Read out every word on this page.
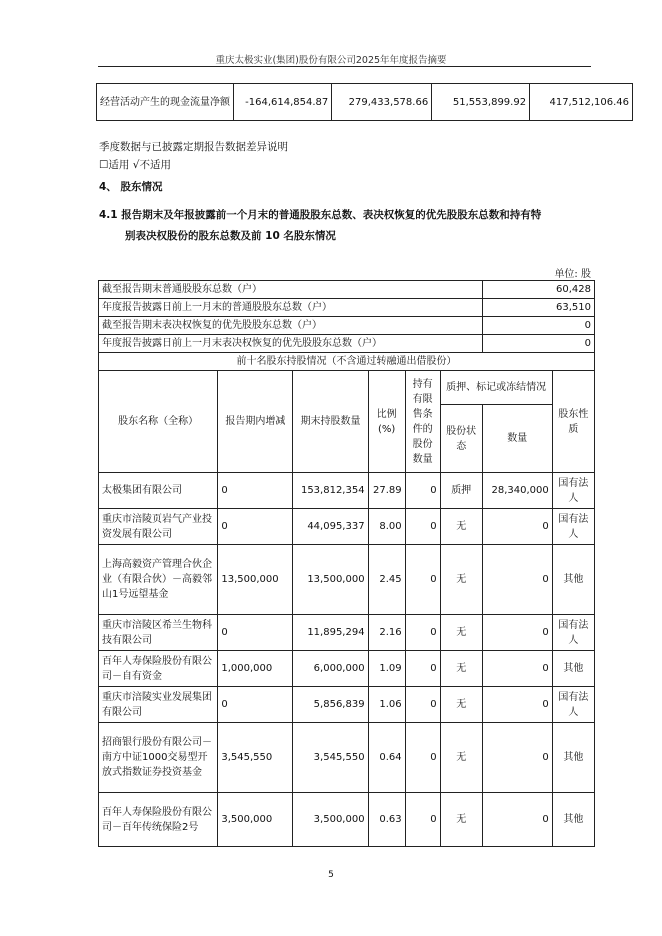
重庆太极实业(集团)股份有限公司2025年年度报告摘要
经营活动产生的现金流量净额	-164,614,854.87	279,433,578.66	51,553,899.92	417,512,106.46
季度数据与已披露定期报告数据差异说明
☐适用 √不适用
4、 股东情况
4.1 报告期末及年报披露前一个月末的普通股股东总数、表决权恢复的优先股股东总数和持有特
别表决权股份的股东总数及前 10 名股东情况
单位: 股
截至报告期末普通股股东总数（户）						60,428	
年度报告披露日前上一月末的普通股股东总数（户）						63,510	
截至报告期末表决权恢复的优先股股东总数（户）						0	
年度报告披露日前上一月末表决权恢复的优先股股东总数（户）						0	
前十名股东持股情况（不含通过转融通出借股份）							
股东名称（全称）	报告期内增减	期末持股数量	比例(%)	持有有限售条件的股份数量	质押、标记或冻结情况		股东性质
					股份状态	数量	
太极集团有限公司	0	153,812,354	27.89	0	质押	28,340,000	国有法人
重庆市涪陵页岩气产业投资发展有限公司	0	44,095,337	8.00	0	无	0	国有法人
上海高毅资产管理合伙企业（有限合伙）－高毅邻山1号远望基金	13,500,000	13,500,000	2.45	0	无	0	其他
重庆市涪陵区希兰生物科技有限公司	0	11,895,294	2.16	0	无	0	国有法人
百年人寿保险股份有限公司－自有资金	1,000,000	6,000,000	1.09	0	无	0	其他
重庆市涪陵实业发展集团有限公司	0	5,856,839	1.06	0	无	0	国有法人
招商银行股份有限公司－南方中证1000交易型开放式指数证券投资基金	3,545,550	3,545,550	0.64	0	无	0	其他
百年人寿保险股份有限公司－百年传统保险2号	3,500,000	3,500,000	0.63	0	无	0	其他
5
